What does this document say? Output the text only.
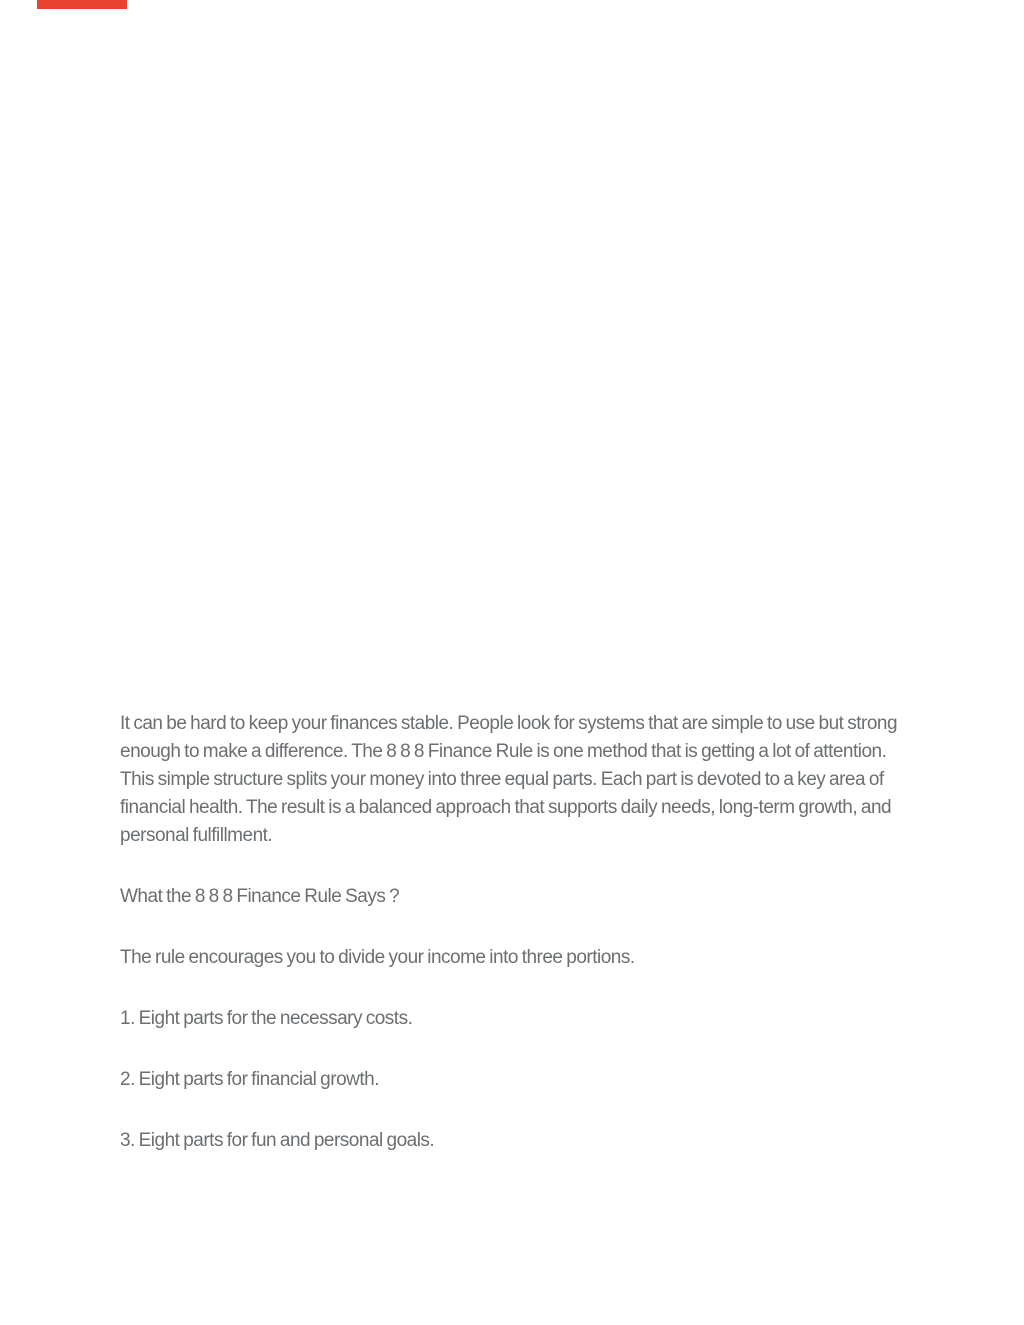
It can be hard to keep your finances stable. People look for systems that are simple to use but strong enough to make a difference. The 8 8 8 Finance Rule is one method that is getting a lot of attention. This simple structure splits your money into three equal parts. Each part is devoted to a key area of financial health. The result is a balanced approach that supports daily needs, long-term growth, and personal fulfillment.

What the 8 8 8 Finance Rule Says ?

The rule encourages you to divide your income into three portions.

1. Eight parts for the necessary costs.

2. Eight parts for financial growth.

3. Eight parts for fun and personal goals.
